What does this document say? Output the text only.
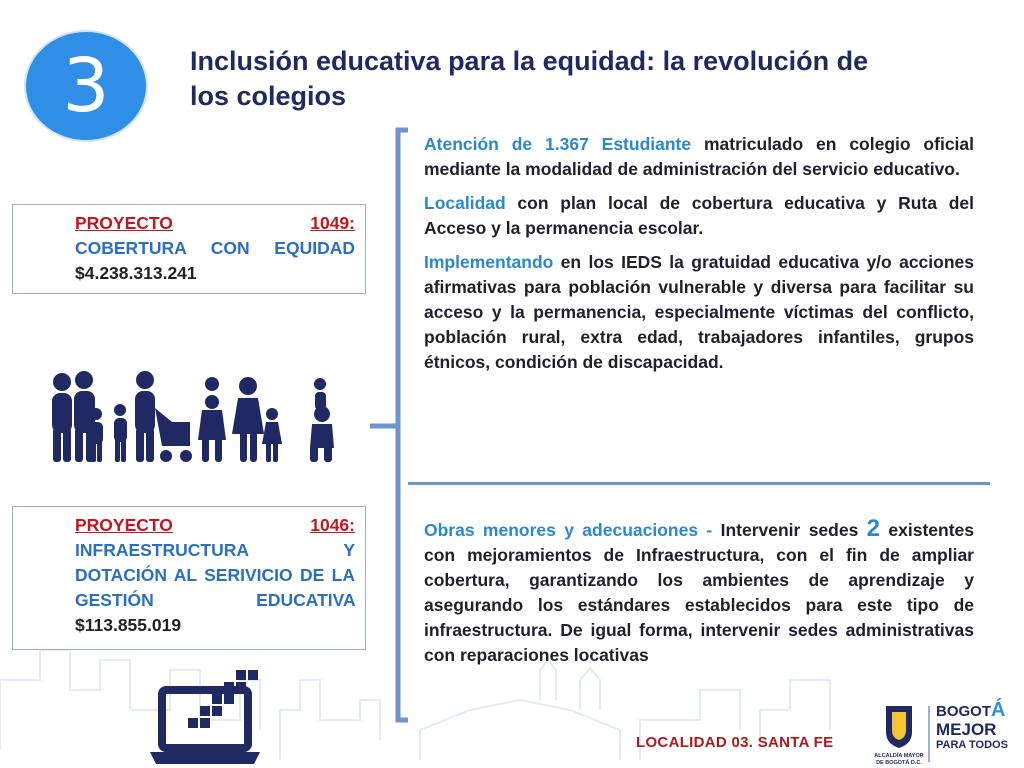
3	Inclusión educativa para la equidad: la revolución de los colegios
PROYECTO	1049:
COBERTURA CON EQUIDAD $4.238.313.241
PROYECTO	1046:
INFRAESTRUCTURA Y DOTACIÓN AL SERIVICIO DE LA GESTIÓN EDUCATIVA $113.855.019

Atención de 1.367 Estudiante matriculado en colegio oficial mediante la modalidad de administración del servicio educativo.

Localidad con plan local de cobertura educativa y Ruta del Acceso y la permanencia escolar.

Implementando en los IEDS la gratuidad educativa y/o acciones afirmativas para población vulnerable y diversa para facilitar su acceso y la permanencia, especialmente víctimas del conflicto, población rural, extra edad, trabajadores infantiles, grupos étnicos, condición de discapacidad.

Obras menores y adecuaciones - Intervenir sedes 2 existentes con mejoramientos de Infraestructura, con el fin de ampliar cobertura, garantizando los ambientes de aprendizaje y asegurando los estándares establecidos para este tipo de infraestructura. De igual forma, intervenir sedes administrativas con reparaciones locativas

LOCALIDAD 03. SANTA FE
ALCALDÍA MAYOR
DE BOGOTÁ D.C.
BOGOTÁ
MEJOR
PARA TODOS
